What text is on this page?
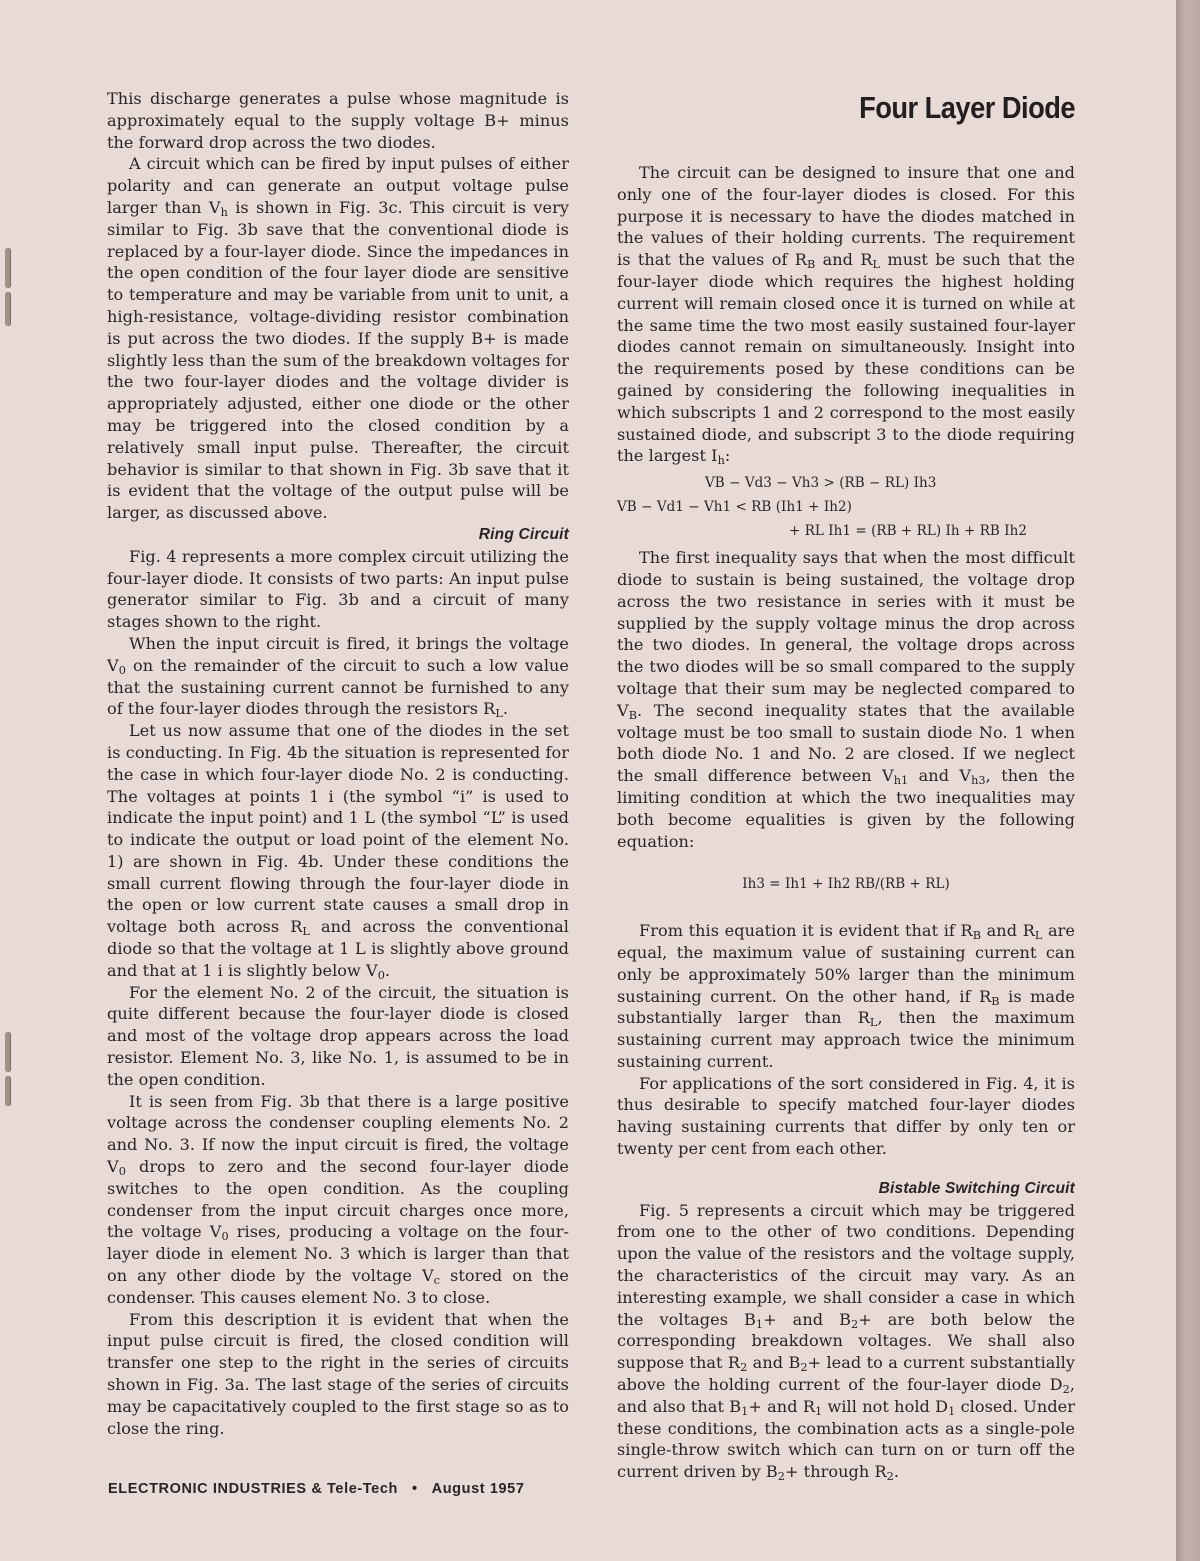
Four Layer Diode

This discharge generates a pulse whose magnitude is approximately equal to the supply voltage B+ minus the forward drop across the two diodes.

A circuit which can be fired by input pulses of either polarity and can generate an output voltage pulse larger than $V_h$ is shown in Fig. 3c. This circuit is very similar to Fig. 3b save that the conventional diode is replaced by a four-layer diode. Since the impedances in the open condition of the four layer diode are sensitive to temperature and may be variable from unit to unit, a high-resistance, voltage-dividing resistor combination is put across the two diodes. If the supply B+ is made slightly less than the sum of the breakdown voltages for the two four-layer diodes and the voltage divider is appropriately adjusted, either one diode or the other may be triggered into the closed condition by a relatively small input pulse. Thereafter, the circuit behavior is similar to that shown in Fig. 3b save that it is evident that the voltage of the output pulse will be larger, as discussed above.

Ring Circuit

Fig. 4 represents a more complex circuit utilizing the four-layer diode. It consists of two parts: An input pulse generator similar to Fig. 3b and a circuit of many stages shown to the right.

When the input circuit is fired, it brings the voltage $V_0$ on the remainder of the circuit to such a low value that the sustaining current cannot be furnished to any of the four-layer diodes through the resistors $R_L$.

Let us now assume that one of the diodes in the set is conducting. In Fig. 4b the situation is represented for the case in which four-layer diode No. 2 is conducting. The voltages at points 1 i (the symbol “i” is used to indicate the input point) and 1 L (the symbol “L” is used to indicate the output or load point of the element No. 1) are shown in Fig. 4b. Under these conditions the small current flowing through the four-layer diode in the open or low current state causes a small drop in voltage both across $R_L$ and across the conventional diode so that the voltage at 1 L is slightly above ground and that at 1 i is slightly below $V_0$.

For the element No. 2 of the circuit, the situation is quite different because the four-layer diode is closed and most of the voltage drop appears across the load resistor. Element No. 3, like No. 1, is assumed to be in the open condition.

It is seen from Fig. 3b that there is a large positive voltage across the condenser coupling elements No. 2 and No. 3. If now the input circuit is fired, the voltage $V_0$ drops to zero and the second four-layer diode switches to the open condition. As the coupling condenser from the input circuit charges once more, the voltage $V_0$ rises, producing a voltage on the four-layer diode in element No. 3 which is larger than that on any other diode by the voltage $V_c$ stored on the condenser. This causes element No. 3 to close.

From this description it is evident that when the input pulse circuit is fired, the closed condition will transfer one step to the right in the series of circuits shown in Fig. 3a. The last stage of the series of circuits may be capacitatively coupled to the first stage so as to close the ring.

The circuit can be designed to insure that one and only one of the four-layer diodes is closed. For this purpose it is necessary to have the diodes matched in the values of their holding currents. The requirement is that the values of $R_B$ and $R_L$ must be such that the four-layer diode which requires the highest holding current will remain closed once it is turned on while at the same time the two most easily sustained four-layer diodes cannot remain on simultaneously. Insight into the requirements posed by these conditions can be gained by considering the following inequalities in which subscripts 1 and 2 correspond to the most easily sustained diode, and subscript 3 to the diode requiring the largest $I_h$:

VB − Vd3 − Vh3 > (RB − RL) Ih3
VB − Vd1 − Vh1 < RB (Ih1 + Ih2)
+ RL Ih1 = (RB + RL) Ih + RB Ih2

The first inequality says that when the most difficult diode to sustain is being sustained, the voltage drop across the two resistance in series with it must be supplied by the supply voltage minus the drop across the two diodes. In general, the voltage drops across the two diodes will be so small compared to the supply voltage that their sum may be neglected compared to $V_B$. The second inequality states that the available voltage must be too small to sustain diode No. 1 when both diode No. 1 and No. 2 are closed. If we neglect the small difference between $V_{h1}$ and $V_{h3}$, then the limiting condition at which the two inequalities may both become equalities is given by the following equation:

Ih3 = Ih1 + Ih2 RB/(RB + RL)

From this equation it is evident that if $R_B$ and $R_L$ are equal, the maximum value of sustaining current can only be approximately 50% larger than the minimum sustaining current. On the other hand, if $R_B$ is made substantially larger than $R_L$, then the maximum sustaining current may approach twice the minimum sustaining current.

For applications of the sort considered in Fig. 4, it is thus desirable to specify matched four-layer diodes having sustaining currents that differ by only ten or twenty per cent from each other.

Bistable Switching Circuit

Fig. 5 represents a circuit which may be triggered from one to the other of two conditions. Depending upon the value of the resistors and the voltage supply, the characteristics of the circuit may vary. As an interesting example, we shall consider a case in which the voltages $B_1+$ and $B_2+$ are both below the corresponding breakdown voltages. We shall also suppose that $R_2$ and $B_2+$ lead to a current substantially above the holding current of the four-layer diode $D_2$, and also that $B_1+$ and $R_1$ will not hold $D_1$ closed. Under these conditions, the combination acts as a single-pole single-throw switch which can turn on or turn off the current driven by $B_2+$ through $R_2$.

ELECTRONIC INDUSTRIES & Tele-Tech • August 1957
